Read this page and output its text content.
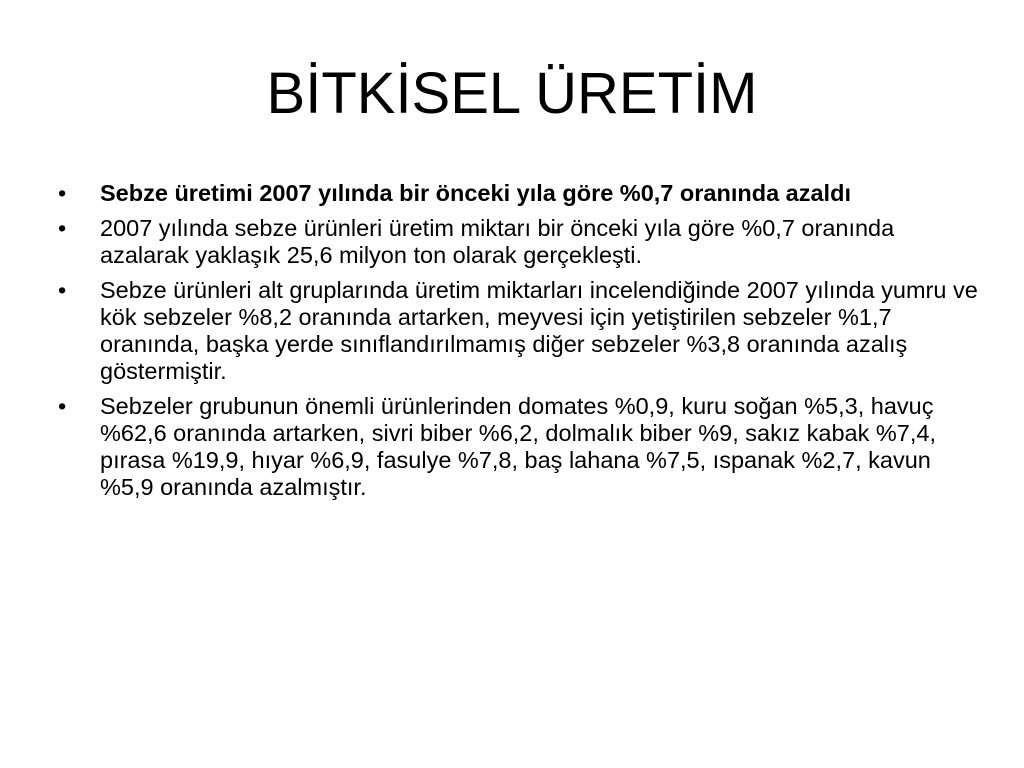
BİTKİSEL ÜRETİM
• Sebze üretimi 2007 yılında bir önceki yıla göre %0,7 oranında azaldı
• 2007 yılında sebze ürünleri üretim miktarı bir önceki yıla göre %0,7 oranında azalarak yaklaşık 25,6 milyon ton olarak gerçekleşti.
• Sebze ürünleri alt gruplarında üretim miktarları incelendiğinde 2007 yılında yumru ve kök sebzeler %8,2 oranında artarken, meyvesi için yetiştirilen sebzeler %1,7 oranında, başka yerde sınıflandırılmamış diğer sebzeler %3,8 oranında azalış göstermiştir.
• Sebzeler grubunun önemli ürünlerinden domates %0,9, kuru soğan %5,3, havuç %62,6 oranında artarken, sivri biber %6,2, dolmalık biber %9, sakız kabak %7,4, pırasa %19,9, hıyar %6,9, fasulye %7,8, baş lahana %7,5, ıspanak %2,7, kavun %5,9 oranında azalmıştır.
